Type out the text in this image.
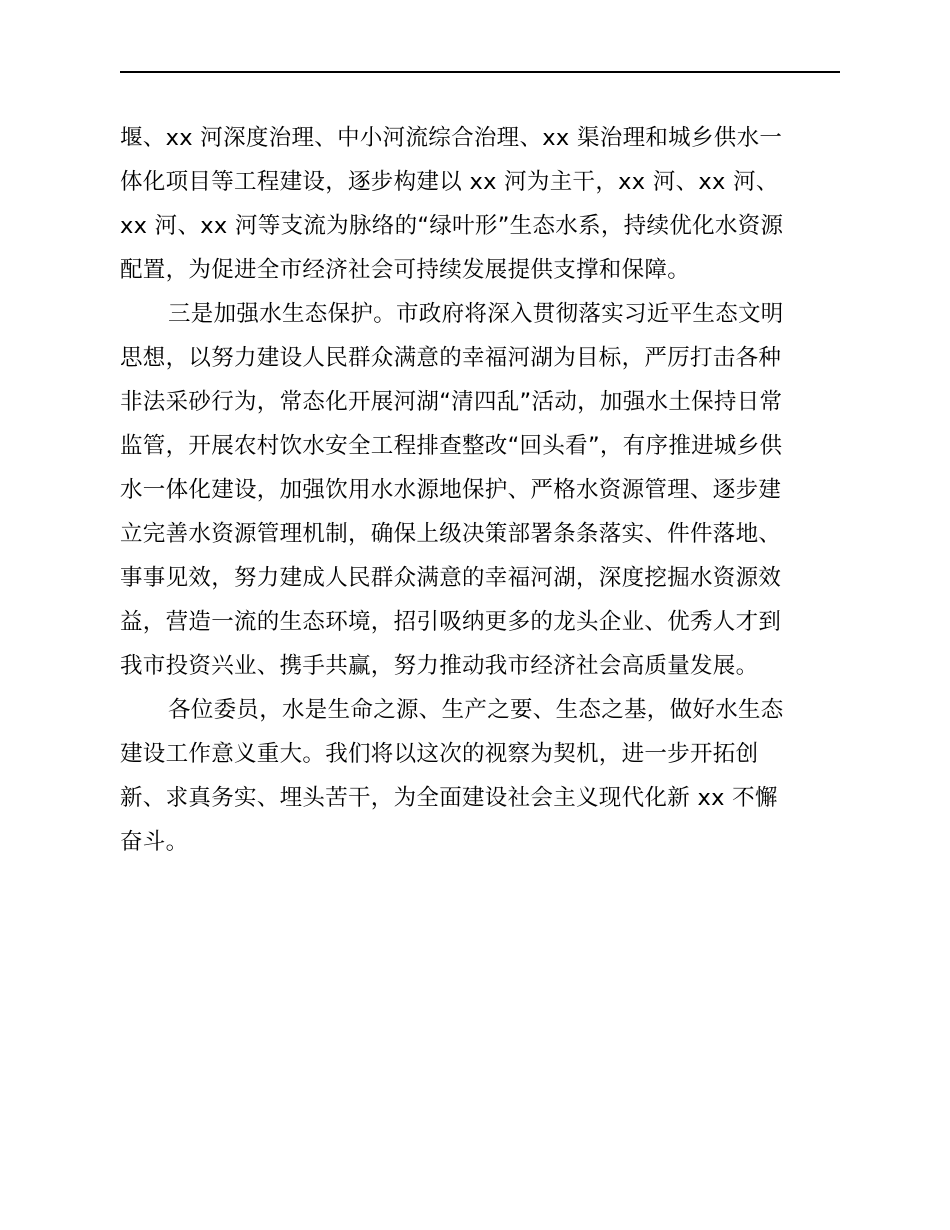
堰、xx 河深度治理、中小河流综合治理、xx 渠治理和城乡供水一
体化项目等工程建设，逐步构建以 xx 河为主干，xx 河、xx 河、
xx 河、xx 河等支流为脉络的“绿叶形”生态水系，持续优化水资源
配置，为促进全市经济社会可持续发展提供支撑和保障。
三是加强水生态保护。市政府将深入贯彻落实习近平生态文明
思想，以努力建设人民群众满意的幸福河湖为目标，严厉打击各种
非法采砂行为，常态化开展河湖“清四乱”活动，加强水土保持日常
监管，开展农村饮水安全工程排查整改“回头看”，有序推进城乡供
水一体化建设，加强饮用水水源地保护、严格水资源管理、逐步建
立完善水资源管理机制，确保上级决策部署条条落实、件件落地、
事事见效，努力建成人民群众满意的幸福河湖，深度挖掘水资源效
益，营造一流的生态环境，招引吸纳更多的龙头企业、优秀人才到
我市投资兴业、携手共赢，努力推动我市经济社会高质量发展。
各位委员，水是生命之源、生产之要、生态之基，做好水生态
建设工作意义重大。我们将以这次的视察为契机，进一步开拓创
新、求真务实、埋头苦干，为全面建设社会主义现代化新 xx 不懈
奋斗。
